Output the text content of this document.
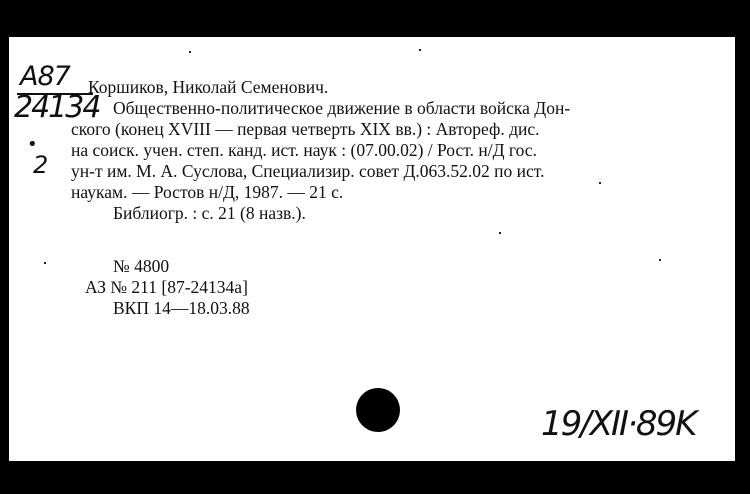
А87
24134
•
2
Коршиков, Николай Семенович.
Общественно-политическое движение в области войска Дон-
ского (конец XVIII — первая четверть XIX вв.) : Автореф. дис.
на соиск. учен. степ. канд. ист. наук : (07.00.02) / Рост. н/Д гос.
ун-т им. М. А. Суслова, Специализир. совет Д.063.52.02 по ист.
наукам. — Ростов н/Д, 1987. — 21 с.
Библиогр. : с. 21 (8 назв.).
№ 4800
АЗ № 211 [87-24134а]
ВКП 14—18.03.88
19/XII·89K
